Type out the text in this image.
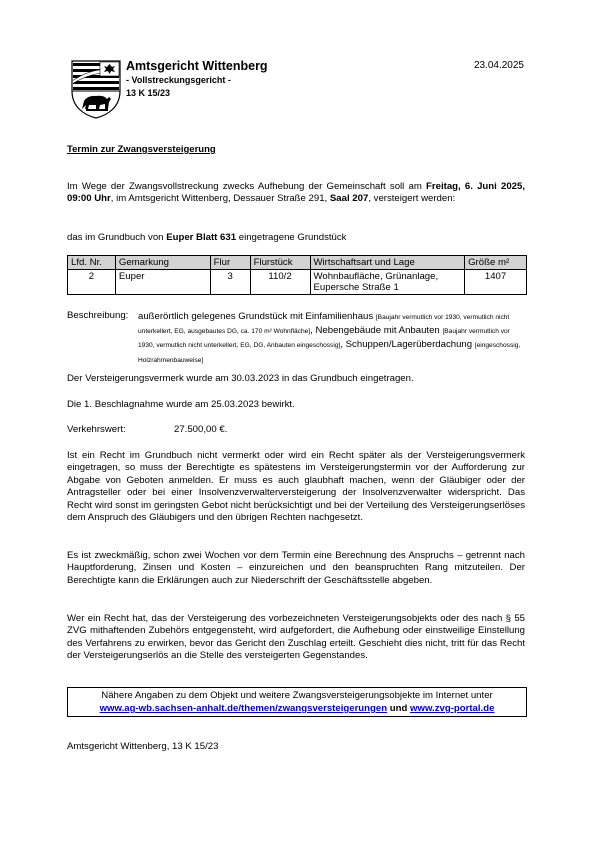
Amtsgericht Wittenberg
- Vollstreckungsgericht -
13 K 15/23
23.04.2025
Termin zur Zwangsversteigerung
Im Wege der Zwangsvollstreckung zwecks Aufhebung der Gemeinschaft soll am Freitag, 6. Juni 2025, 09:00 Uhr, im Amtsgericht Wittenberg, Dessauer Straße 291, Saal 207, versteigert werden:
das im Grundbuch von Euper Blatt 631 eingetragene Grundstück
Lfd. Nr.	Gemarkung	Flur	Flurstück	Wirtschaftsart und Lage	Größe m²
2	Euper	3	110/2	Wohnbaufläche, Grünanlage, Eupersche Straße 1	1407
Beschreibung: außerörtlich gelegenes Grundstück mit Einfamilienhaus [Baujahr vermutlich vor 1930, vermutlich nicht unterkellert, EG, ausgebautes DG, ca. 170 m² Wohnfläche], Nebengebäude mit Anbauten [Baujahr vermutlich vor 1930, vermutlich nicht unterkellert, EG, DG, Anbauten eingeschossig], Schuppen/Lagerüberdachung [eingeschossig, Holzrahmenbauweise]
Der Versteigerungsvermerk wurde am 30.03.2023 in das Grundbuch eingetragen.
Die 1. Beschlagnahme wurde am 25.03.2023 bewirkt.
Verkehrswert:	27.500,00 €.
Ist ein Recht im Grundbuch nicht vermerkt oder wird ein Recht später als der Versteigerungsvermerk eingetragen, so muss der Berechtigte es spätestens im Versteigerungstermin vor der Aufforderung zur Abgabe von Geboten anmelden. Er muss es auch glaubhaft machen, wenn der Gläubiger oder der Antragsteller oder bei einer Insolvenzverwalterversteigerung der Insolvenzverwalter widerspricht. Das Recht wird sonst im geringsten Gebot nicht berücksichtigt und bei der Verteilung des Versteigerungserlöses dem Anspruch des Gläubigers und den übrigen Rechten nachgesetzt.
Es ist zweckmäßig, schon zwei Wochen vor dem Termin eine Berechnung des Anspruchs – getrennt nach Hauptforderung, Zinsen und Kosten – einzureichen und den beanspruchten Rang mitzuteilen. Der Berechtigte kann die Erklärungen auch zur Niederschrift der Geschäftsstelle abgeben.
Wer ein Recht hat, das der Versteigerung des vorbezeichneten Versteigerungsobjekts oder des nach § 55 ZVG mithaftenden Zubehörs entgegensteht, wird aufgefordert, die Aufhebung oder einstweilige Einstellung des Verfahrens zu erwirken, bevor das Gericht den Zuschlag erteilt. Geschieht dies nicht, tritt für das Recht der Versteigerungserlös an die Stelle des versteigerten Gegenstandes.
Nähere Angaben zu dem Objekt und weitere Zwangsversteigerungsobjekte im Internet unter
www.ag-wb.sachsen-anhalt.de/themen/zwangsversteigerungen und www.zvg-portal.de
Amtsgericht Wittenberg, 13 K 15/23
